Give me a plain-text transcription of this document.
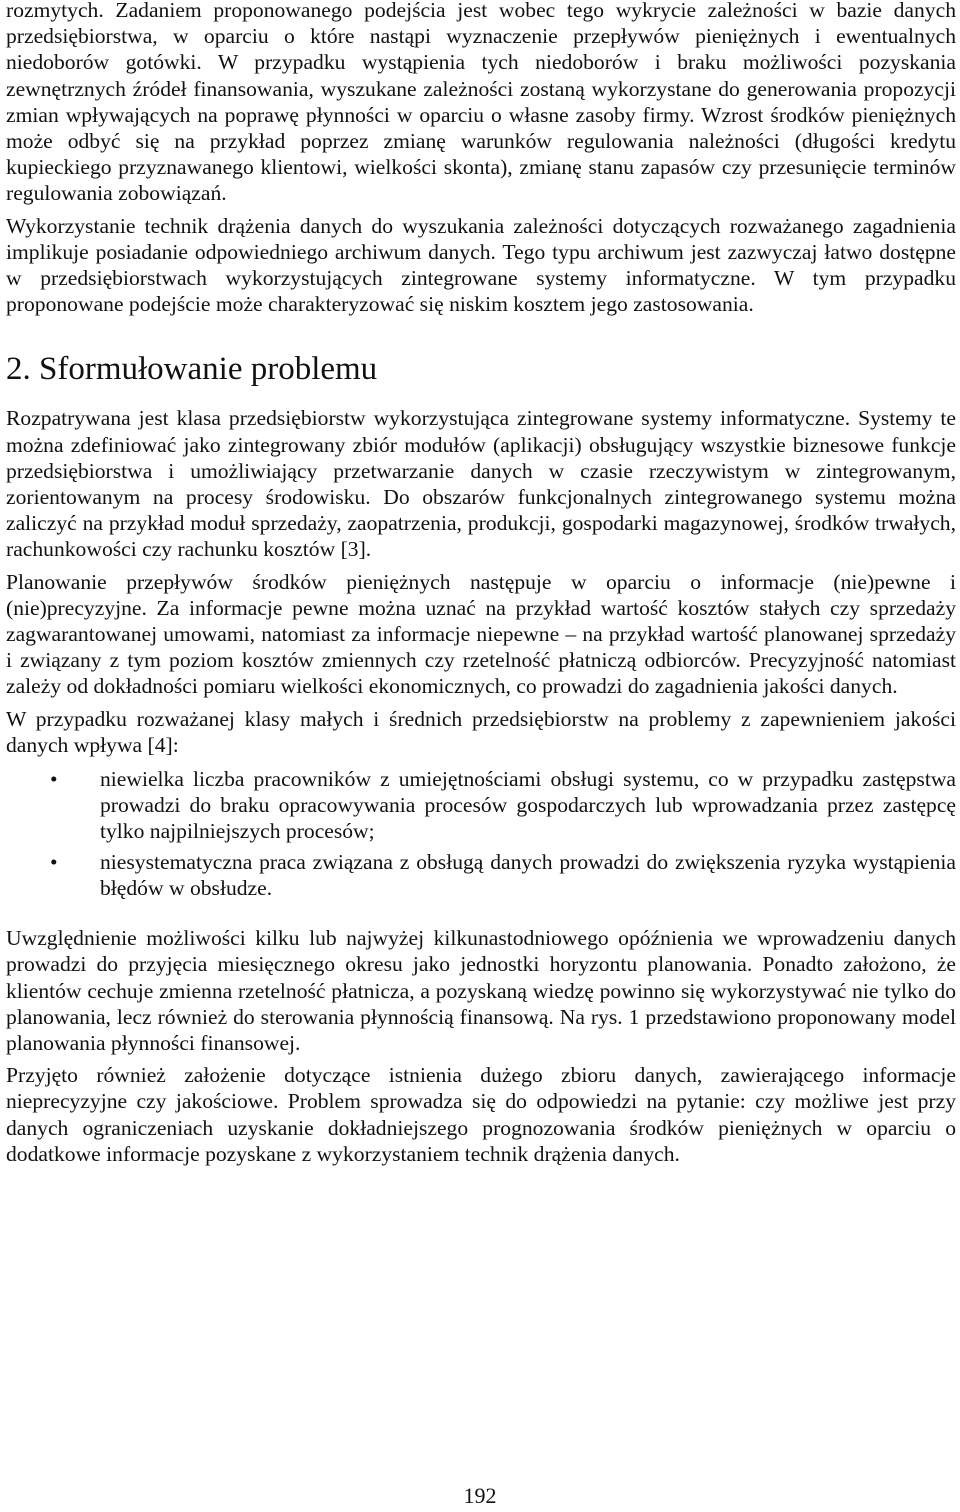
rozmytych. Zadaniem proponowanego podejścia jest wobec tego wykrycie zależności w bazie danych przedsiębiorstwa, w oparciu o które nastąpi wyznaczenie przepływów pieniężnych i ewentualnych niedoborów gotówki. W przypadku wystąpienia tych niedoborów i braku możliwości pozyskania zewnętrznych źródeł finansowania, wyszukane zależności zostaną wykorzystane do generowania propozycji zmian wpływających na poprawę płynności w oparciu o własne zasoby firmy. Wzrost środków pieniężnych może odbyć się na przykład poprzez zmianę warunków regulowania należności (długości kredytu kupieckiego przyznawanego klientowi, wielkości skonta), zmianę stanu zapasów czy przesunięcie terminów regulowania zobowiązań.

Wykorzystanie technik drążenia danych do wyszukania zależności dotyczących rozważanego zagadnienia implikuje posiadanie odpowiedniego archiwum danych. Tego typu archiwum jest zazwyczaj łatwo dostępne w przedsiębiorstwach wykorzystujących zintegrowane systemy informatyczne. W tym przypadku proponowane podejście może charakteryzować się niskim kosztem jego zastosowania.

2. Sformułowanie problemu

Rozpatrywana jest klasa przedsiębiorstw wykorzystująca zintegrowane systemy informatyczne. Systemy te można zdefiniować jako zintegrowany zbiór modułów (aplikacji) obsługujący wszystkie biznesowe funkcje przedsiębiorstwa i umożliwiający przetwarzanie danych w czasie rzeczywistym w zintegrowanym, zorientowanym na procesy środowisku. Do obszarów funkcjonalnych zintegrowanego systemu można zaliczyć na przykład moduł sprzedaży, zaopatrzenia, produkcji, gospodarki magazynowej, środków trwałych, rachunkowości czy rachunku kosztów [3].

Planowanie przepływów środków pieniężnych następuje w oparciu o informacje (nie)pewne i (nie)precyzyjne. Za informacje pewne można uznać na przykład wartość kosztów stałych czy sprzedaży zagwarantowanej umowami, natomiast za informacje niepewne – na przykład wartość planowanej sprzedaży i związany z tym poziom kosztów zmiennych czy rzetelność płatniczą odbiorców. Precyzyjność natomiast zależy od dokładności pomiaru wielkości ekonomicznych, co prowadzi do zagadnienia jakości danych.

W przypadku rozważanej klasy małych i średnich przedsiębiorstw na problemy z zapewnieniem jakości danych wpływa [4]:

• niewielka liczba pracowników z umiejętnościami obsługi systemu, co w przypadku zastępstwa prowadzi do braku opracowywania procesów gospodarczych lub wprowadzania przez zastępcę tylko najpilniejszych procesów;
• niesystematyczna praca związana z obsługą danych prowadzi do zwiększenia ryzyka wystąpienia błędów w obsłudze.

Uwzględnienie możliwości kilku lub najwyżej kilkunastodniowego opóźnienia we wprowadzeniu danych prowadzi do przyjęcia miesięcznego okresu jako jednostki horyzontu planowania. Ponadto założono, że klientów cechuje zmienna rzetelność płatnicza, a pozyskaną wiedzę powinno się wykorzystywać nie tylko do planowania, lecz również do sterowania płynnością finansową. Na rys. 1 przedstawiono proponowany model planowania płynności finansowej.

Przyjęto również założenie dotyczące istnienia dużego zbioru danych, zawierającego informacje nieprecyzyjne czy jakościowe. Problem sprowadza się do odpowiedzi na pytanie: czy możliwe jest przy danych ograniczeniach uzyskanie dokładniejszego prognozowania środków pieniężnych w oparciu o dodatkowe informacje pozyskane z wykorzystaniem technik drążenia danych.

192
